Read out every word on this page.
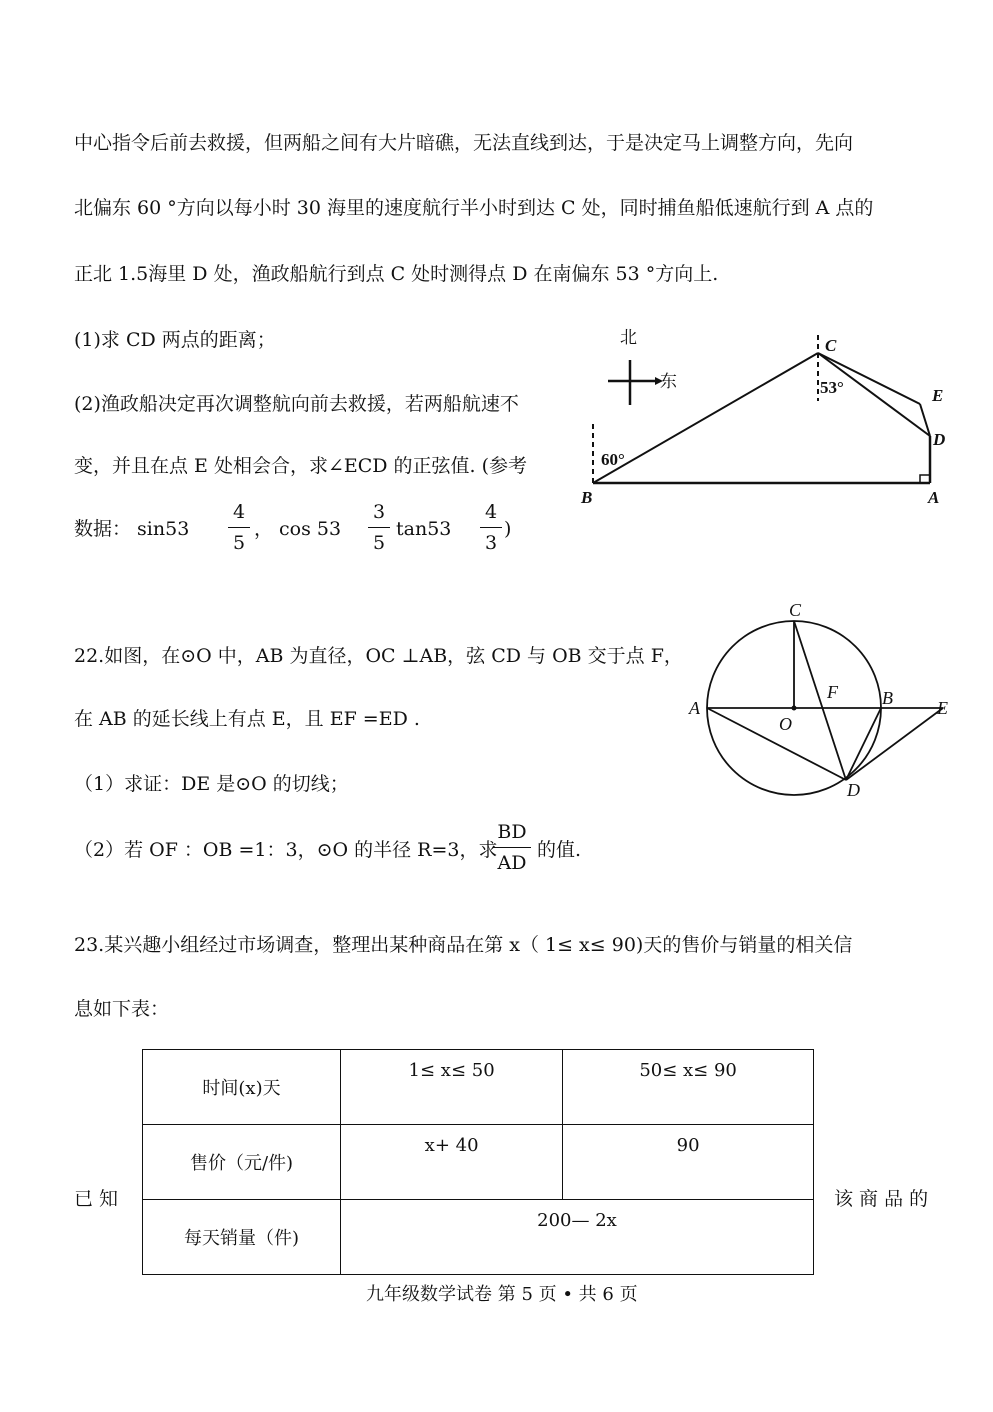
中心指令后前去救援，但两船之间有大片暗礁，无法直线到达，于是决定马上调整方向，先向
北偏东 60 °方向以每小时 30 海里的速度航行半小时到达 C 处，同时捕鱼船低速航行到 A 点的
正北 1.5海里 D 处，渔政船航行到点 C 处时测得点 D 在南偏东 53 °方向上.
(1)求 CD 两点的距离；
(2)渔政船决定再次调整航向前去救援，若两船航速不
变，并且在点 E 处相会合，求∠ECD 的正弦值. (参考
数据： sin53
4
5
， cos 53
3
5
tan53
4
3
)
北
东
C
E
D
B	A
53°
60°
22.如图，在⊙O 中，AB 为直径，OC ⊥AB，弦 CD 与 OB 交于点 F，
在 AB 的延长线上有点 E，且 EF =ED .
（1）求证：DE 是⊙O 的切线；
（2）若 OF ：OB =1：3，⊙O 的半径 R=3，求
BD
AD
的值.
C
A
O
F B E
D
23.某兴趣小组经过市场调查，整理出某种商品在第 x（ 1≤ x≤ 90)天的售价与销量的相关信
息如下表：
时间(x)天	1≤ x≤ 50	50≤ x≤ 90
售价（元/件)	x+ 40	90
每天销量（件)	200— 2x	
已 知	该 商 品 的
九年级数学试卷 第 5 页 • 共 6 页
